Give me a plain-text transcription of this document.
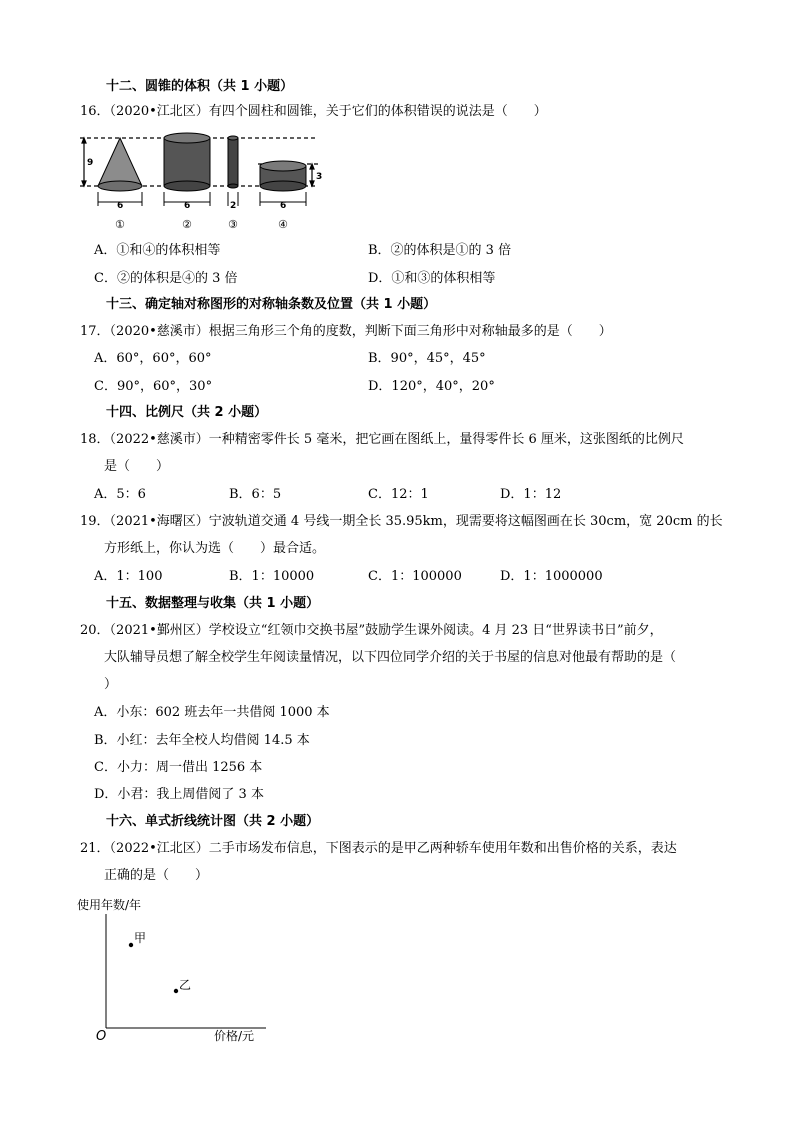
十二、圆锥的体积（共 1 小题）
16．（2020•江北区）有四个圆柱和圆锥，关于它们的体积错误的说法是（　　）
9
3
6	6	2	6
①	②	③	④
A．①和④的体积相等	B．②的体积是①的 3 倍
C．②的体积是④的 3 倍	D．①和③的体积相等
十三、确定轴对称图形的对称轴条数及位置（共 1 小题）
17．（2020•慈溪市）根据三角形三个角的度数，判断下面三角形中对称轴最多的是（　　）
A．60°，60°，60°	B．90°，45°，45°
C．90°，60°，30°	D．120°，40°，20°
十四、比例尺（共 2 小题）
18．（2022•慈溪市）一种精密零件长 5 毫米，把它画在图纸上，量得零件长 6 厘米，这张图纸的比例尺
是（　　）
A．5：6	B．6：5	C．12：1	D．1：12
19．（2021•海曙区）宁波轨道交通 4 号线一期全长 35.95km，现需要将这幅图画在长 30cm，宽 20cm 的长
方形纸上，你认为选（　　）最合适。
A．1：100	B．1：10000	C．1：100000	D．1：1000000
十五、数据整理与收集（共 1 小题）
20．（2021•鄞州区）学校设立“红领巾交换书屋”鼓励学生课外阅读。4 月 23 日“世界读书日”前夕，
大队辅导员想了解全校学生年阅读量情况，以下四位同学介绍的关于书屋的信息对他最有帮助的是（
）
A．小东：602 班去年一共借阅 1000 本
B．小红：去年全校人均借阅 14.5 本
C．小力：周一借出 1256 本
D．小君：我上周借阅了 3 本
十六、单式折线统计图（共 2 小题）
21．（2022•江北区）二手市场发布信息，下图表示的是甲乙两种轿车使用年数和出售价格的关系，表达
正确的是（　　）
使用年数/年
价格/元
O
甲
乙
